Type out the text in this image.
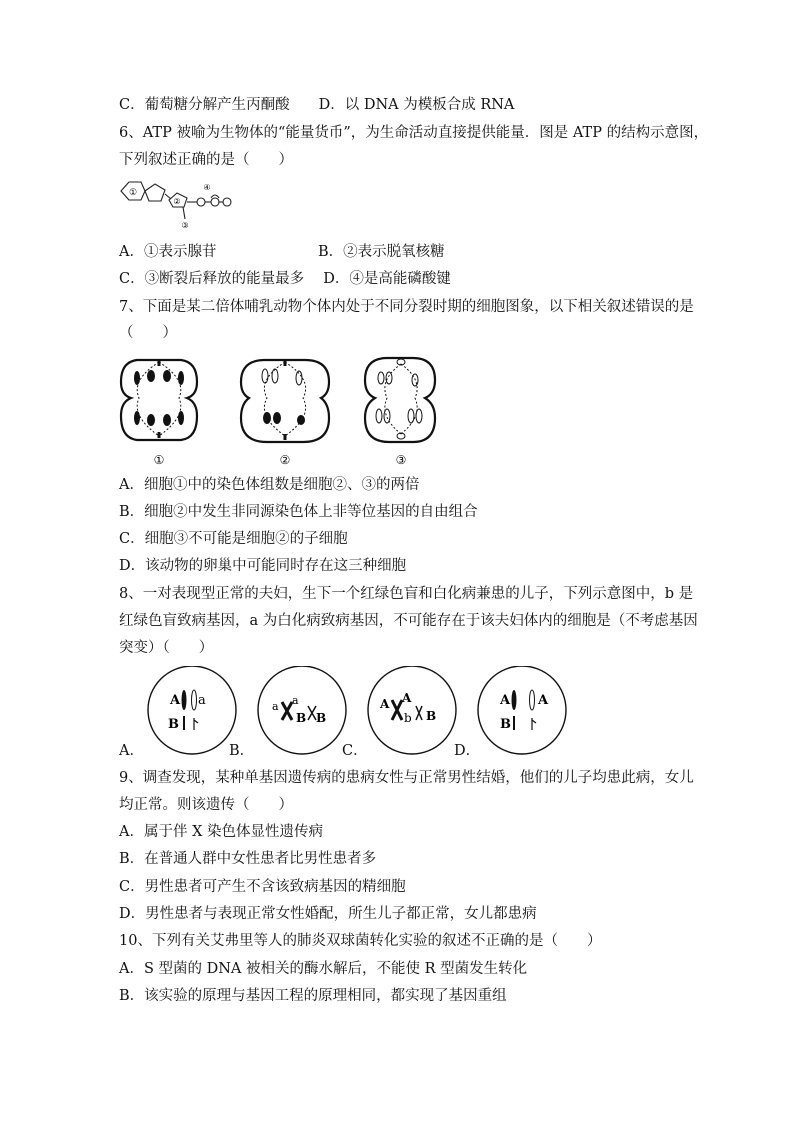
C．葡萄糖分解产生丙酮酸　　D．以 DNA 为模板合成 RNA
6、ATP 被喻为生物体的“能量货币”，为生命活动直接提供能量．图是 ATP 的结构示意图，
下列叙述正确的是（　　）
①
②
④
③
A．①表示腺苷　　　　　　　B．②表示脱氧核糖
C．③断裂后释放的能量最多　 D．④是高能磷酸键
7、下面是某二倍体哺乳动物个体内处于不同分裂时期的细胞图象，以下相关叙述错误的是
（　　）
①	②	③
A．细胞①中的染色体组数是细胞②、③的两倍
B．细胞②中发生非同源染色体上非等位基因的自由组合
C．细胞③不可能是细胞②的子细胞
D．该动物的卵巢中可能同时存在这三种细胞
8、一对表现型正常的夫妇，生下一个红绿色盲和白化病兼患的儿子，下列示意图中，b 是
红绿色盲致病基因，a 为白化病致病基因，不可能存在于该夫妇体内的细胞是（不考虑基因
突变）（　　）
A a
B
a a
B B
A A
b B
A A
B
A．	B．	C．	D．
9、调查发现，某种单基因遗传病的患病女性与正常男性结婚，他们的儿子均患此病，女儿
均正常。则该遗传（　　）
A．属于伴 X 染色体显性遗传病
B．在普通人群中女性患者比男性患者多
C．男性患者可产生不含该致病基因的精细胞
D．男性患者与表现正常女性婚配，所生儿子都正常，女儿都患病
10、下列有关艾弗里等人的肺炎双球菌转化实验的叙述不正确的是（　　）
A．S 型菌的 DNA 被相关的酶水解后，不能使 R 型菌发生转化
B．该实验的原理与基因工程的原理相同，都实现了基因重组
